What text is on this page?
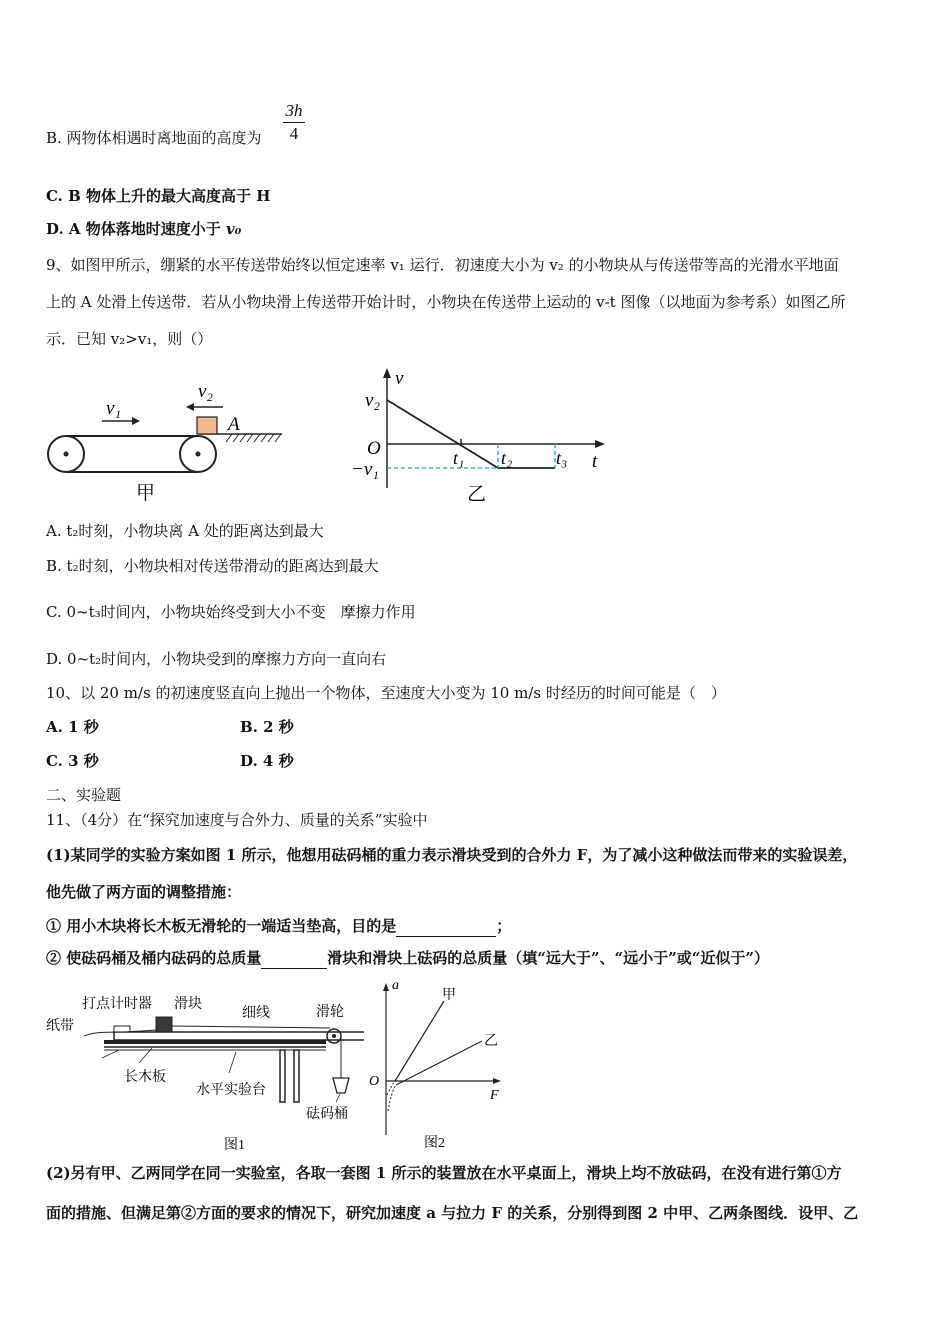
B. 两物体相遇时离地面的高度为 $\frac{3h}{4}$
C. B 物体上升的最大高度高于 H
D. A 物体落地时速度小于 v₀
9、如图甲所示，绷紧的水平传送带始终以恒定速率 v₁ 运行．初速度大小为 v₂ 的小物块从与传送带等高的光滑水平地面
上的 A 处滑上传送带．若从小物块滑上传送带开始计时，小物块在传送带上运动的 v-t 图像（以地面为参考系）如图乙所
示．已知 v₂>v₁，则（）
v₁
v₂
A
甲
v
t
v₂
O
−v₁
t₁ t₂ t₃
乙
A. t₂时刻，小物块离 A 处的距离达到最大
B. t₂时刻，小物块相对传送带滑动的距离达到最大
C. 0~t₃时间内，小物块始终受到大小不变　摩擦力作用
D. 0~t₂时间内，小物块受到的摩擦力方向一直向右
10、以 20 m/s 的初速度竖直向上抛出一个物体，至速度大小变为 10 m/s 时经历的时间可能是（　）
A. 1 秒	B. 2 秒
C. 3 秒	D. 4 秒
二、实验题
11、（4分）在“探究加速度与合外力、质量的关系”实验中
(1)某同学的实验方案如图 1 所示，他想用砝码桶的重力表示滑块受到的合外力 F，为了减小这种做法而带来的实验误差，
他先做了两方面的调整措施：
① 用小木块将长木板无滑轮的一端适当垫高，目的是	；
② 使砝码桶及桶内砝码的总质量	滑块和滑块上砝码的总质量（填“远大于”、“远小于”或“近似于”）
打点计时器 滑块
细线	滑轮
纸带
长木板
水平实验台
砝码桶
图1
a
F
O
甲
乙
图2
(2)另有甲、乙两同学在同一实验室，各取一套图 1 所示的装置放在水平桌面上，滑块上均不放砝码，在没有进行第①方
面的措施、但满足第②方面的要求的情况下，研究加速度 a 与拉力 F 的关系，分别得到图 2 中甲、乙两条图线．设甲、乙
